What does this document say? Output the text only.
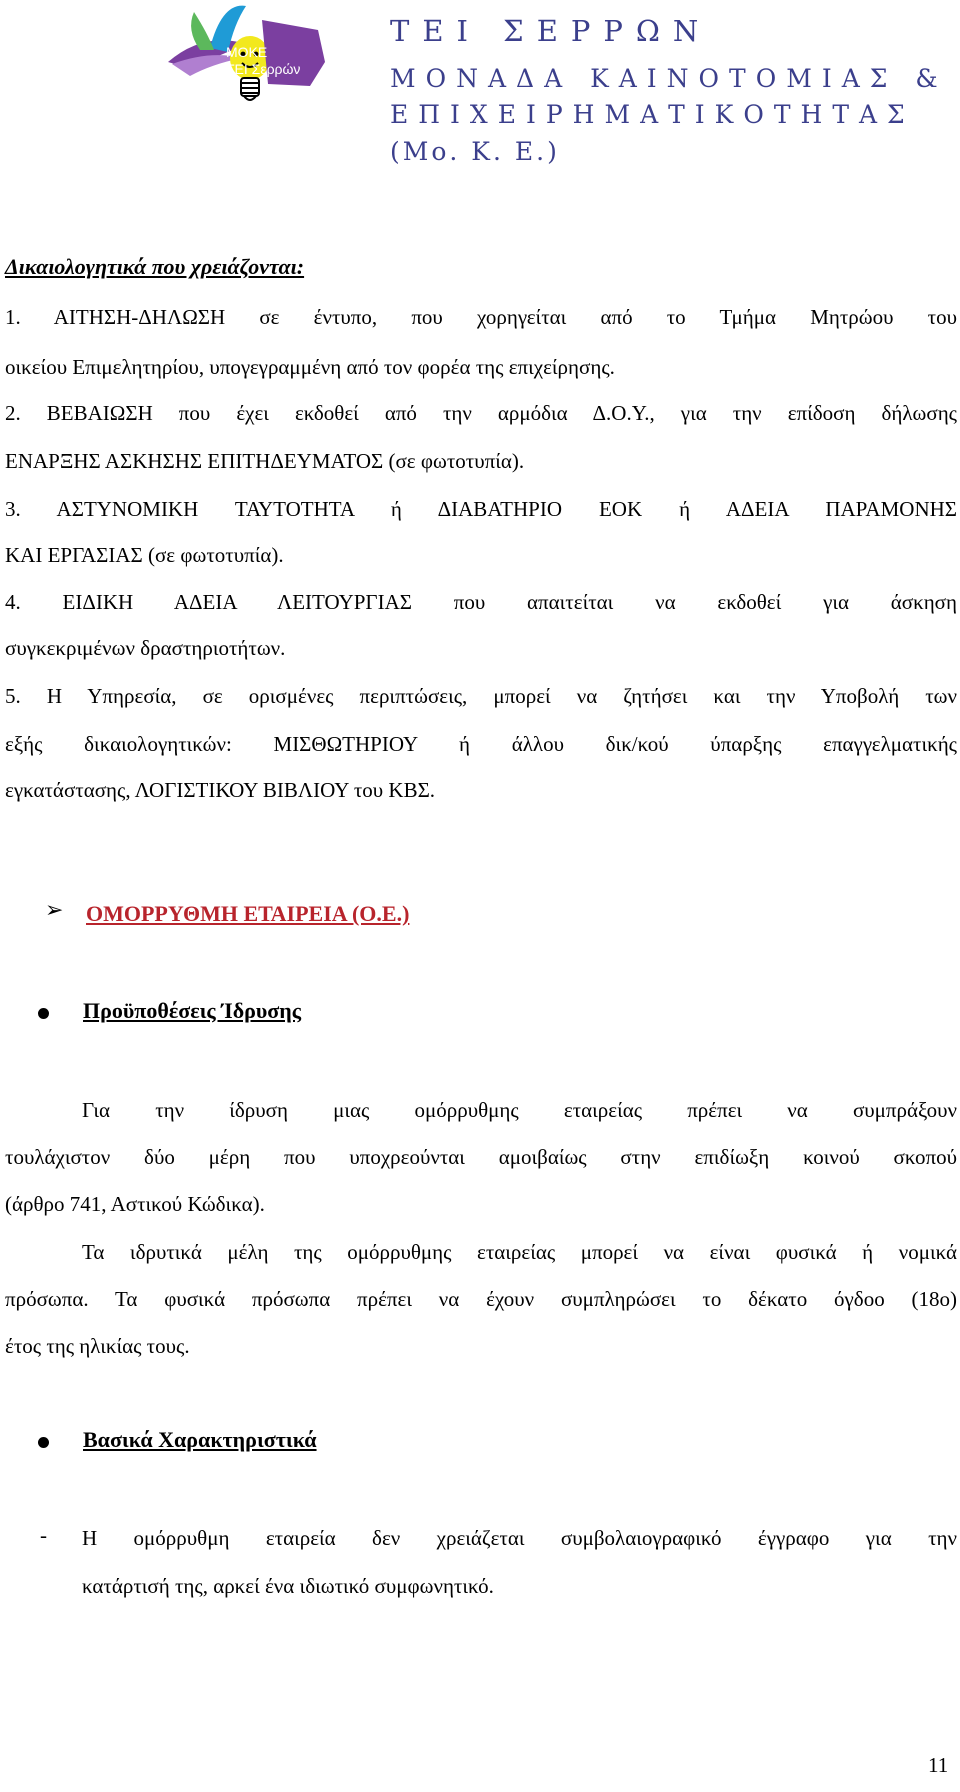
ΜΟΚΕ
ΤΕΙ Σερρών
ΤΕΙ ΣΕΡΡΩΝ
ΜΟΝΑΔΑ ΚΑΙΝΟΤΟΜΙΑΣ &
ΕΠΙΧΕΙΡΗΜΑΤΙΚΟΤΗΤΑΣ
(Μο. Κ. Ε.)
Δικαιολογητικά που χρειάζονται:

1. ΑΙΤΗΣΗ-ΔΗΛΩΣΗ σε έντυπο, που χορηγείται από το Τμήμα Μητρώου του

οικείου Επιμελητηρίου, υπογεγραμμένη από τον φορέα της επιχείρησης.

2. ΒΕΒΑΙΩΣΗ που έχει εκδοθεί από την αρμόδια Δ.Ο.Υ., για την επίδοση δήλωσης

ΕΝΑΡΞΗΣ ΑΣΚΗΣΗΣ ΕΠΙΤΗΔΕΥΜΑΤΟΣ (σε φωτοτυπία).

3. ΑΣΤΥΝΟΜΙΚΗ ΤΑΥΤΟΤΗΤΑ ή ΔΙΑΒΑΤΗΡΙΟ ΕΟΚ ή ΑΔΕΙΑ ΠΑΡΑΜΟΝΗΣ

ΚΑΙ ΕΡΓΑΣΙΑΣ (σε φωτοτυπία).

4. ΕΙΔΙΚΗ ΑΔΕΙΑ ΛΕΙΤΟΥΡΓΙΑΣ που απαιτείται να εκδοθεί για άσκηση

συγκεκριμένων δραστηριοτήτων.

5. Η Υπηρεσία, σε ορισμένες περιπτώσεις, μπορεί να ζητήσει και την Υποβολή των

εξής δικαιολογητικών: ΜΙΣΘΩΤΗΡΙΟΥ ή άλλου δικ/κού ύπαρξης επαγγελματικής

εγκατάστασης, ΛΟΓΙΣΤΙΚΟΥ ΒΙΒΛΙΟΥ του ΚΒΣ.

➢ ΟΜΟΡΡΥΘΜΗ ΕΤΑΙΡΕΙΑ (Ο.Ε.)
Προϋποθέσεις Ίδρυσης

Για την ίδρυση μιας ομόρρυθμης εταιρείας πρέπει να συμπράξουν

τουλάχιστον δύο μέρη που υποχρεούνται αμοιβαίως στην επιδίωξη κοινού σκοπού

(άρθρο 741, Αστικού Κώδικα).

Τα ιδρυτικά μέλη της ομόρρυθμης εταιρείας μπορεί να είναι φυσικά ή νομικά

πρόσωπα. Τα φυσικά πρόσωπα πρέπει να έχουν συμπληρώσει το δέκατο όγδοο (18ο)

έτος της ηλικίας τους.

Βασικά Χαρακτηριστικά
- Η ομόρρυθμη εταιρεία δεν χρειάζεται συμβολαιογραφικό έγγραφο για την

κατάρτισή της, αρκεί ένα ιδιωτικό συμφωνητικό.

11
